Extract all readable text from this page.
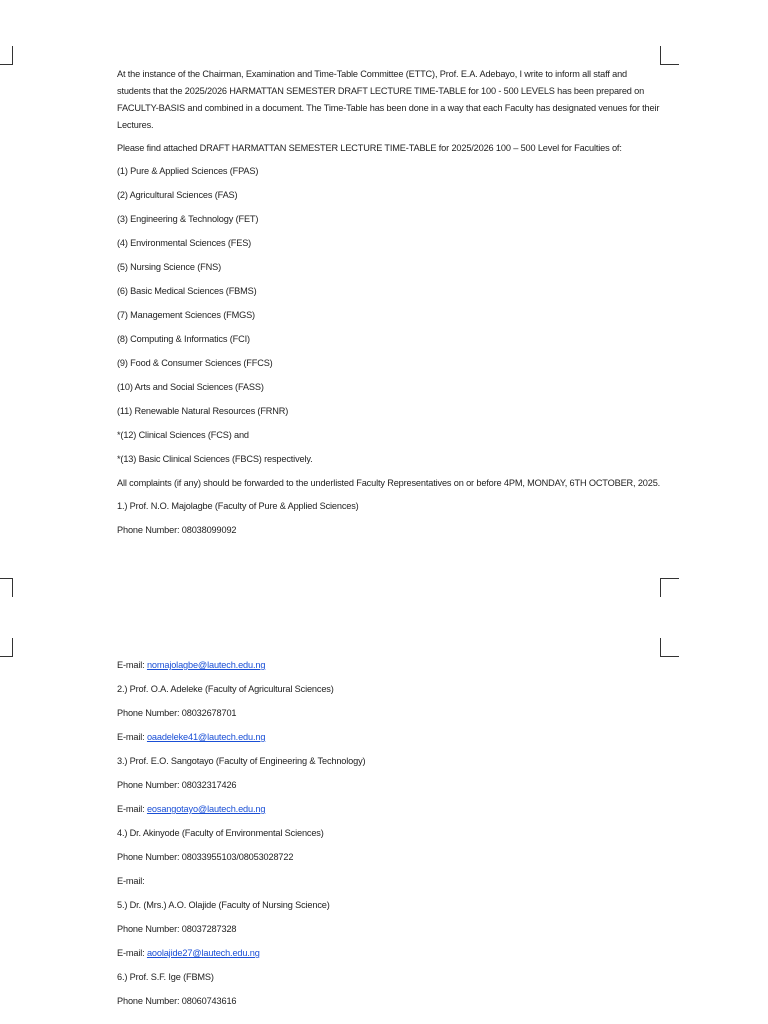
At the instance of the Chairman, Examination and Time-Table Committee (ETTC), Prof. E.A. Adebayo, I write to inform all staff and students that the 2025/2026 HARMATTAN SEMESTER DRAFT LECTURE TIME-TABLE for 100 - 500 LEVELS has been prepared on FACULTY-BASIS and combined in a document. The Time-Table has been done in a way that each Faculty has designated venues for their Lectures.

Please find attached DRAFT HARMATTAN SEMESTER LECTURE TIME-TABLE for 2025/2026 100 – 500 Level for Faculties of:

(1) Pure & Applied Sciences (FPAS)

(2) Agricultural Sciences (FAS)

(3) Engineering & Technology (FET)

(4) Environmental Sciences (FES)

(5) Nursing Science (FNS)

(6) Basic Medical Sciences (FBMS)

(7) Management Sciences (FMGS)

(8) Computing & Informatics (FCI)

(9) Food & Consumer Sciences (FFCS)

(10) Arts and Social Sciences (FASS)

(11) Renewable Natural Resources (FRNR)

*(12) Clinical Sciences (FCS) and

*(13) Basic Clinical Sciences (FBCS) respectively.

All complaints (if any) should be forwarded to the underlisted Faculty Representatives on or before 4PM, MONDAY, 6TH OCTOBER, 2025.

1.) Prof. N.O. Majolagbe (Faculty of Pure & Applied Sciences)

Phone Number: 08038099092

E-mail: nomajolagbe@lautech.edu.ng

2.) Prof. O.A. Adeleke (Faculty of Agricultural Sciences)

Phone Number: 08032678701

E-mail: oaadeleke41@lautech.edu.ng

3.) Prof. E.O. Sangotayo (Faculty of Engineering & Technology)

Phone Number: 08032317426

E-mail: eosangotayo@lautech.edu.ng

4.) Dr. Akinyode (Faculty of Environmental Sciences)

Phone Number: 08033955103/08053028722

E-mail:

5.) Dr. (Mrs.) A.O. Olajide (Faculty of Nursing Science)

Phone Number: 08037287328

E-mail: aoolajide27@lautech.edu.ng

6.) Prof. S.F. Ige (FBMS)

Phone Number: 08060743616
